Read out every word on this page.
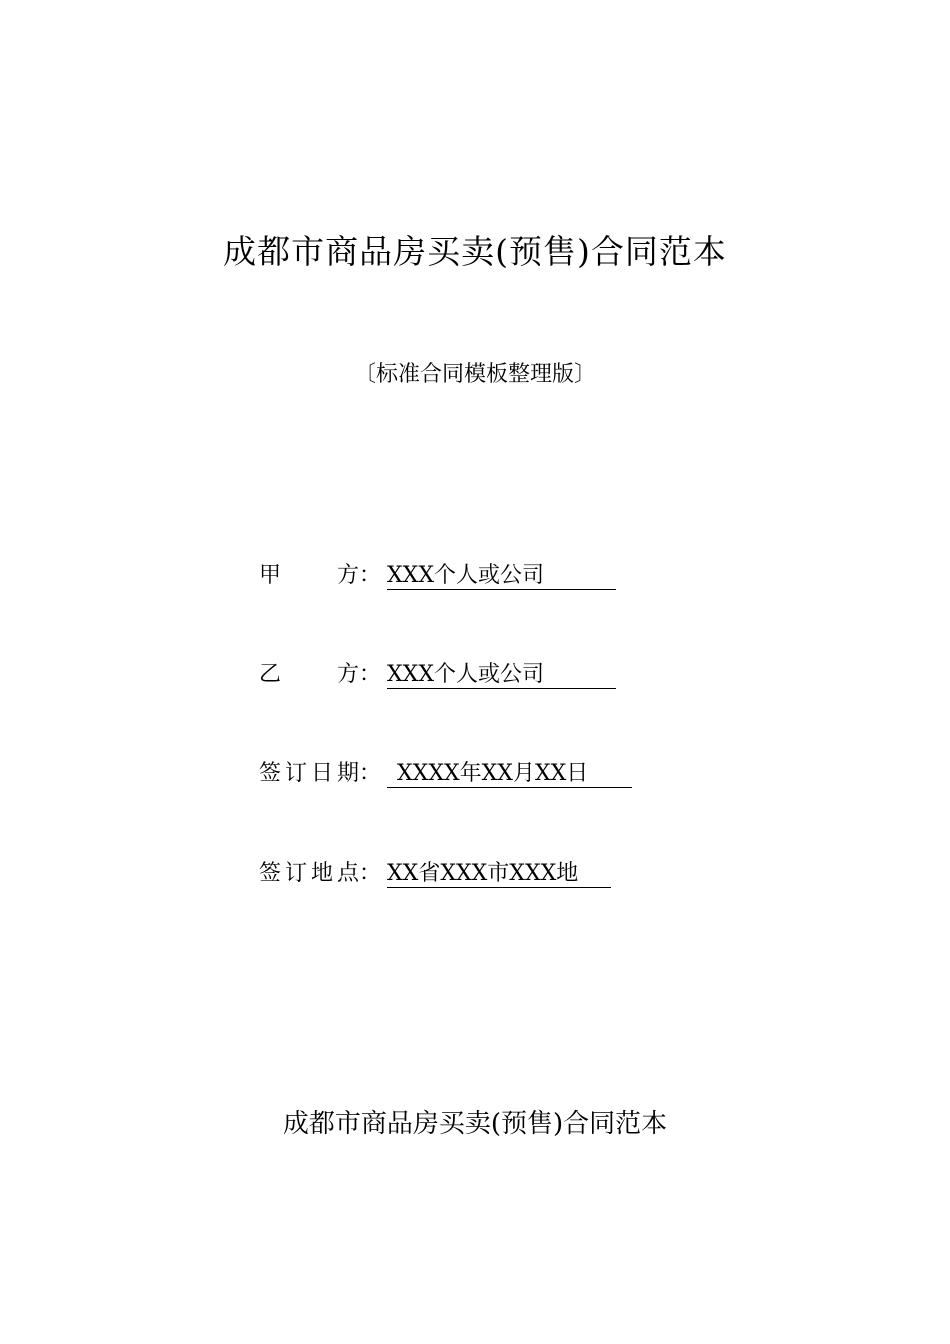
成都市商品房买卖(预售)合同范本
〔标准合同模板整理版〕
甲方： XXX个人或公司
乙方： XXX个人或公司
签订日期： XXXX年XX月XX日
签订地点： XX省XXX市XXX地
成都市商品房买卖(预售)合同范本
